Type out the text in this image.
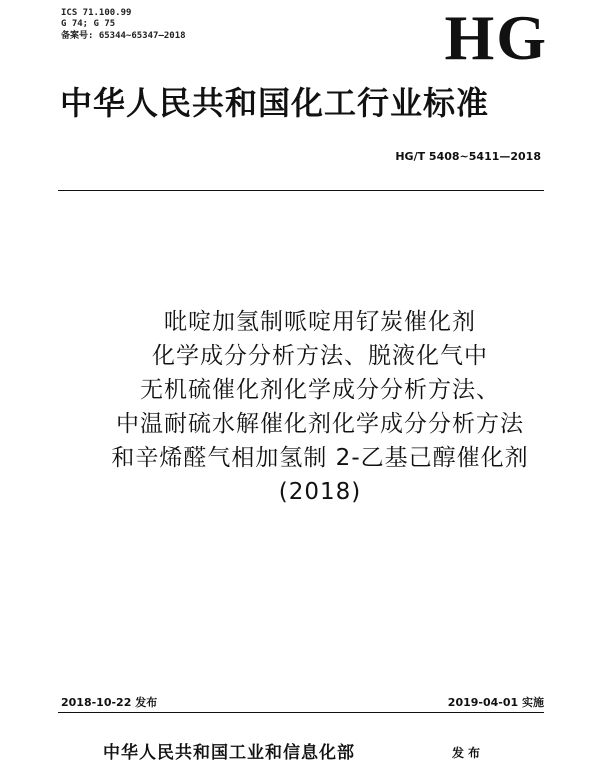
ICS 71.100.99
G 74; G 75
备案号: 65344~65347—2018	HG
中华人民共和国化工行业标准
HG/T 5408~5411—2018
吡啶加氢制哌啶用钌炭催化剂
化学成分分析方法、脱液化气中
无机硫催化剂化学成分分析方法、
中温耐硫水解催化剂化学成分分析方法
和辛烯醛气相加氢制 2-乙基己醇催化剂
(2018)
2018-10-22 发布	2019-04-01 实施
中华人民共和国工业和信息化部	发布
